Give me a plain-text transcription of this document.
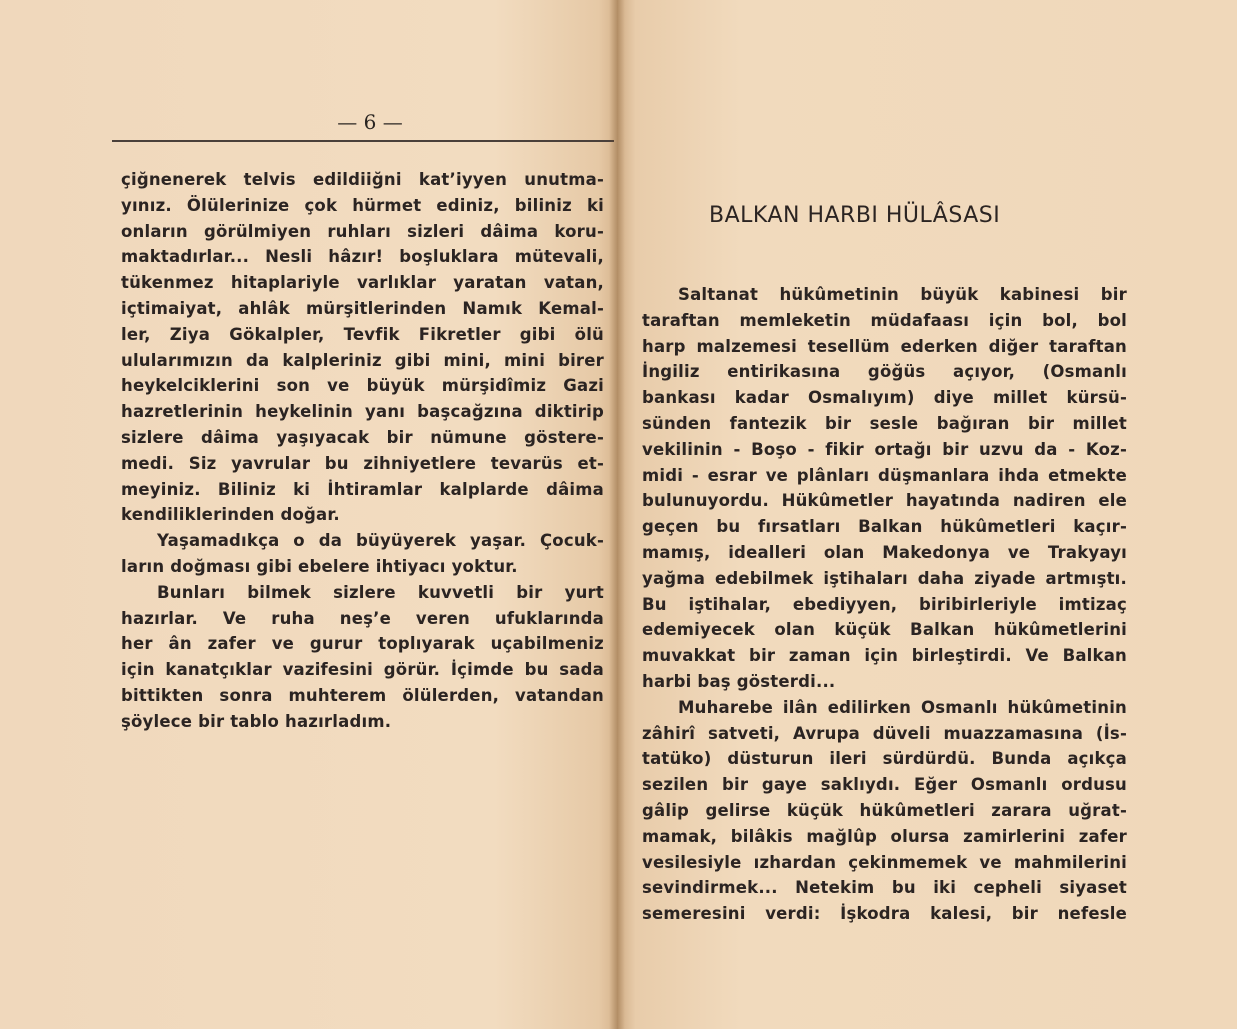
— 6 —
çiğnenerek telvis edildiiğni kat’iyyen unutma-
yınız. Ölülerinize çok hürmet ediniz, biliniz ki
onların görülmiyen ruhları sizleri dâima koru-
maktadırlar... Nesli hâzır! boşluklara mütevali,
tükenmez hitaplariyle varlıklar yaratan vatan,
içtimaiyat, ahlâk mürşitlerinden Namık Kemal-
ler, Ziya Gökalpler, Tevfik Fikretler gibi ölü
ulularımızın da kalpleriniz gibi mini, mini birer
heykelciklerini son ve büyük mürşidîmiz Gazi
hazretlerinin heykelinin yanı başcağzına diktirip
sizlere dâima yaşıyacak bir nümune göstere-
medi. Siz yavrular bu zihniyetlere tevarüs et-
meyiniz. Biliniz ki İhtiramlar kalplarde dâima
kendiliklerinden doğar.
Yaşamadıkça o da büyüyerek yaşar. Çocuk-
ların doğması gibi ebelere ihtiyacı yoktur.
Bunları bilmek sizlere kuvvetli bir yurt
hazırlar. Ve ruha neş’e veren ufuklarında
her ân zafer ve gurur toplıyarak uçabilmeniz
için kanatçıklar vazifesini görür. İçimde bu sada
bittikten sonra muhterem ölülerden, vatandan
şöylece bir tablo hazırladım.
BALKAN HARBI HÜLÂSASI
Saltanat hükûmetinin büyük kabinesi bir
taraftan memleketin müdafaası için bol, bol
harp malzemesi tesellüm ederken diğer taraftan
İngiliz entirikasına göğüs açıyor, (Osmanlı
bankası kadar Osmalıyım) diye millet kürsü-
sünden fantezik bir sesle bağıran bir millet
vekilinin - Boşo - fikir ortağı bir uzvu da - Koz-
midi - esrar ve plânları düşmanlara ihda etmekte
bulunuyordu. Hükûmetler hayatında nadiren ele
geçen bu fırsatları Balkan hükûmetleri kaçır-
mamış, idealleri olan Makedonya ve Trakyayı
yağma edebilmek iştihaları daha ziyade artmıştı.
Bu iştihalar, ebediyyen, biribirleriyle imtizaç
edemiyecek olan küçük Balkan hükûmetlerini
muvakkat bir zaman için birleştirdi. Ve Balkan
harbi baş gösterdi...
Muharebe ilân edilirken Osmanlı hükûmetinin
zâhirî satveti, Avrupa düveli muazzamasına (İs-
tatüko) düsturun ileri sürdürdü. Bunda açıkça
sezilen bir gaye saklıydı. Eğer Osmanlı ordusu
gâlip gelirse küçük hükûmetleri zarara uğrat-
mamak, bilâkis mağlûp olursa zamirlerini zafer
vesilesiyle ızhardan çekinmemek ve mahmilerini
sevindirmek... Netekim bu iki cepheli siyaset
semeresini verdi: İşkodra kalesi, bir nefesle
